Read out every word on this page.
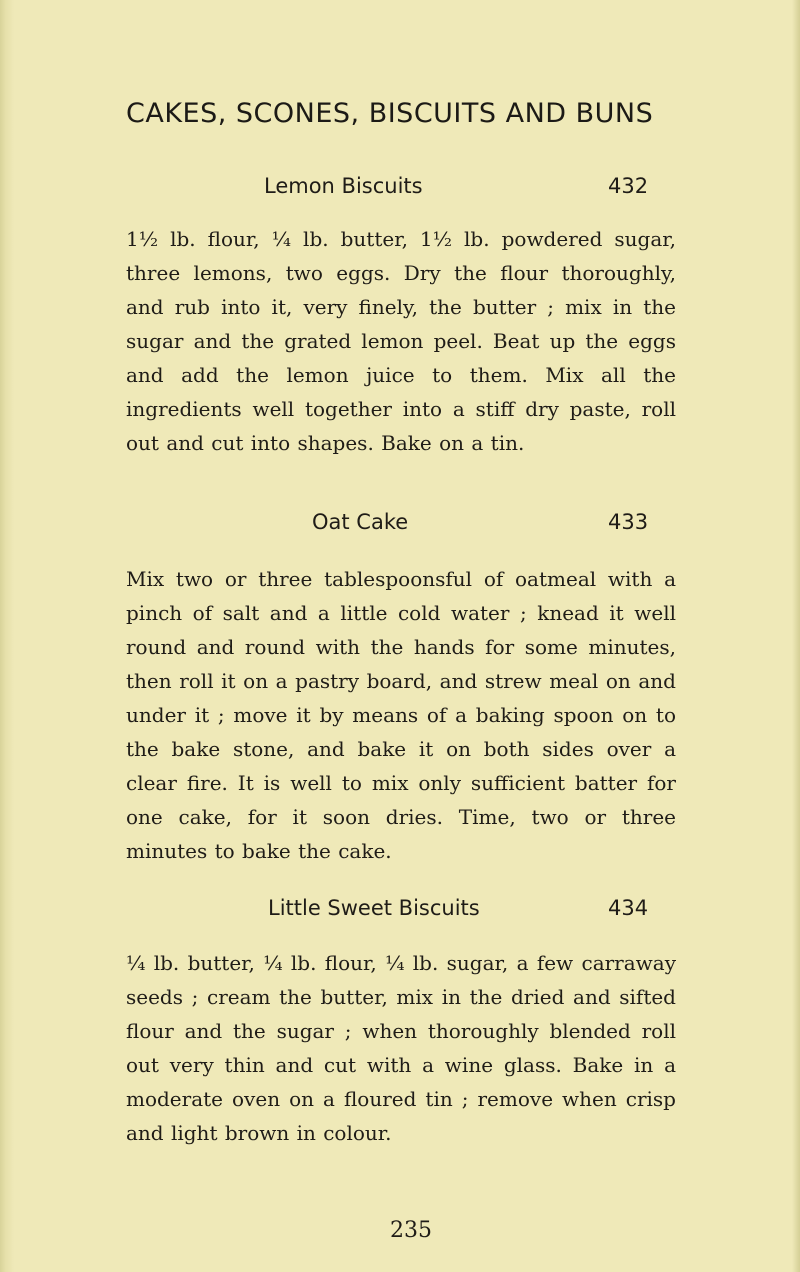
CAKES, SCONES, BISCUITS AND BUNS
Lemon Biscuits	432

1½ lb. flour, ¼ lb. butter, 1½ lb. powdered sugar, three lemons, two eggs. Dry the flour thoroughly, and rub into it, very finely, the butter ; mix in the sugar and the grated lemon peel. Beat up the eggs and add the lemon juice to them. Mix all the ingredients well together into a stiff dry paste, roll out and cut into shapes. Bake on a tin.

Oat Cake	433

Mix two or three tablespoonsful of oatmeal with a pinch of salt and a little cold water ; knead it well round and round with the hands for some minutes, then roll it on a pastry board, and strew meal on and under it ; move it by means of a baking spoon on to the bake stone, and bake it on both sides over a clear fire. It is well to mix only sufficient batter for one cake, for it soon dries. Time, two or three minutes to bake the cake.

Little Sweet Biscuits	434

¼ lb. butter, ¼ lb. flour, ¼ lb. sugar, a few carraway seeds ; cream the butter, mix in the dried and sifted flour and the sugar ; when thoroughly blended roll out very thin and cut with a wine glass. Bake in a moderate oven on a floured tin ; remove when crisp and light brown in colour.

235
